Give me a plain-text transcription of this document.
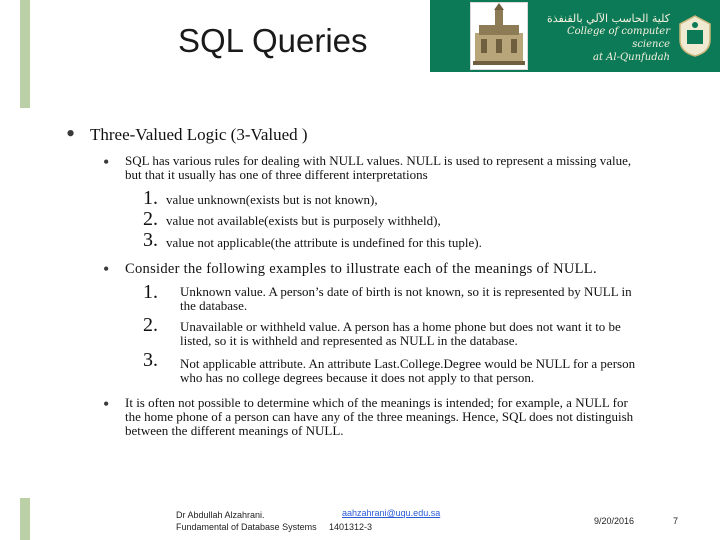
كلية الحاسب الآلي بالقنفذة
College of computer science
at Al-Qunfudah
SQL Queries
• Three-Valued Logic (3-Valued )
• SQL has various rules for dealing with NULL values. NULL is used to represent a missing value,
but that it usually has one of three different interpretations
1. value unknown(exists but is not known),
2. value not available(exists but is purposely withheld),
3. value not applicable(the attribute is undefined for this tuple).
• Consider the following examples to illustrate each of the meanings of NULL.
1. Unknown value. A person’s date of birth is not known, so it is represented by NULL in
the database.
2. Unavailable or withheld value. A person has a home phone but does not want it to be
listed, so it is withheld and represented as NULL in the database.
3. Not applicable attribute. An attribute Last.College.Degree would be NULL for a person
who has no college degrees because it does not apply to that person.
• It is often not possible to determine which of the meanings is intended; for example, a NULL for
the home phone of a person can have any of the three meanings. Hence, SQL does not distinguish
between the different meanings of NULL.
Dr Abdullah Alzahrani.	aahzahrani@uqu.edu.sa
Fundamental of Database Systems 1401312-3
9/20/2016	7
